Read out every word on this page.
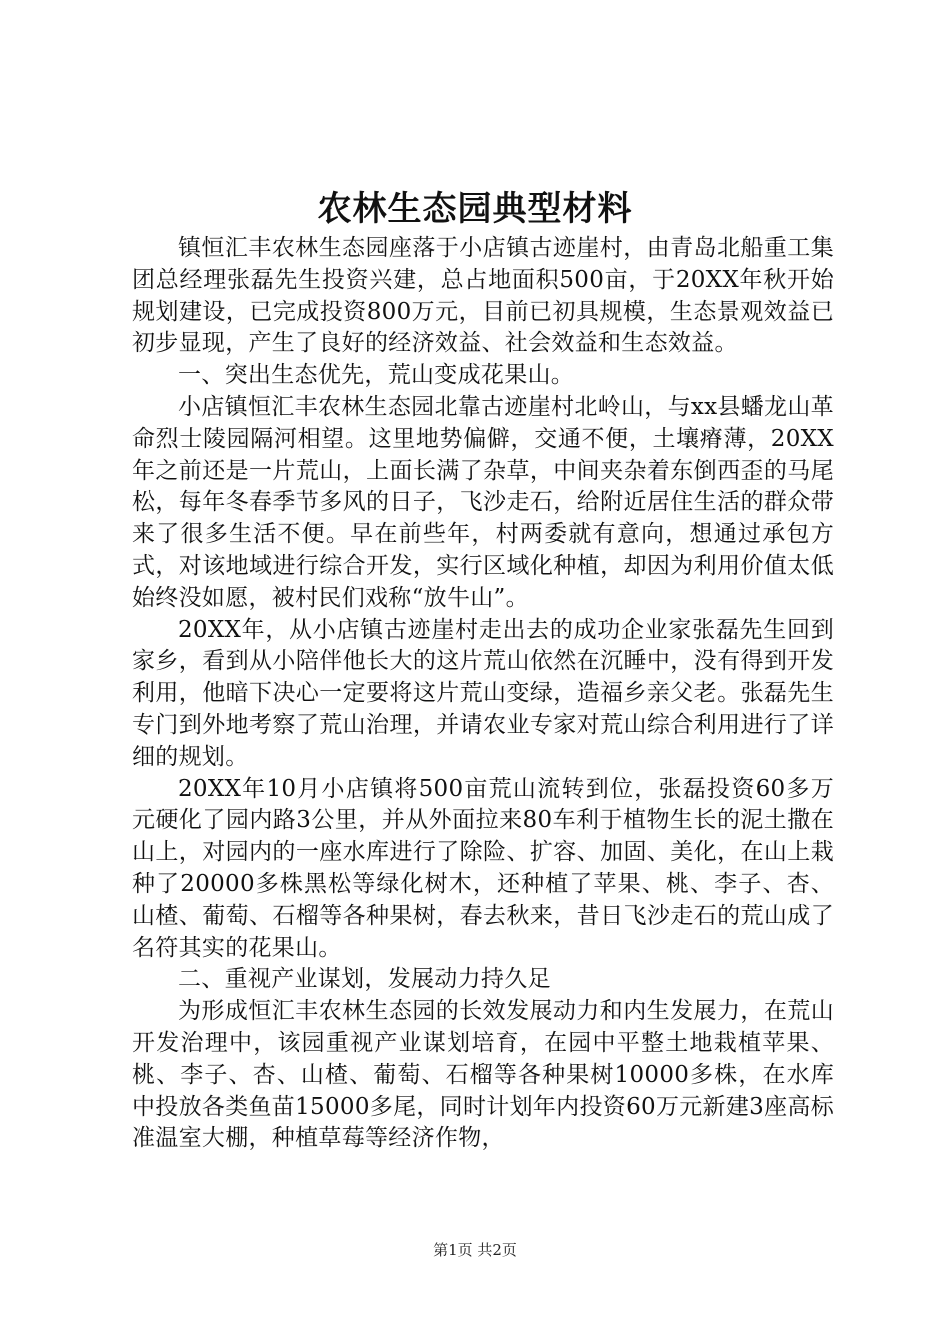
农林生态园典型材料

镇恒汇丰农林生态园座落于小店镇古迹崖村，由青岛北船重工集团总经理张磊先生投资兴建，总占地面积500亩，于20XX年秋开始规划建设，已完成投资800万元，目前已初具规模，生态景观效益已初步显现，产生了良好的经济效益、社会效益和生态效益。

一、突出生态优先，荒山变成花果山。

小店镇恒汇丰农林生态园北靠古迹崖村北岭山，与xx县蟠龙山革命烈士陵园隔河相望。这里地势偏僻，交通不便，土壤瘠薄，20XX年之前还是一片荒山，上面长满了杂草，中间夹杂着东倒西歪的马尾松，每年冬春季节多风的日子，飞沙走石，给附近居住生活的群众带来了很多生活不便。早在前些年，村两委就有意向，想通过承包方式，对该地域进行综合开发，实行区域化种植，却因为利用价值太低始终没如愿，被村民们戏称“放牛山”。

20XX年，从小店镇古迹崖村走出去的成功企业家张磊先生回到家乡，看到从小陪伴他长大的这片荒山依然在沉睡中，没有得到开发利用，他暗下决心一定要将这片荒山变绿，造福乡亲父老。张磊先生专门到外地考察了荒山治理，并请农业专家对荒山综合利用进行了详细的规划。

20XX年10月小店镇将500亩荒山流转到位，张磊投资60多万元硬化了园内路3公里，并从外面拉来80车利于植物生长的泥土撒在山上，对园内的一座水库进行了除险、扩容、加固、美化，在山上栽种了20000多株黑松等绿化树木，还种植了苹果、桃、李子、杏、山楂、葡萄、石榴等各种果树，春去秋来，昔日飞沙走石的荒山成了名符其实的花果山。

二、重视产业谋划，发展动力持久足

为形成恒汇丰农林生态园的长效发展动力和内生发展力，在荒山开发治理中，该园重视产业谋划培育，在园中平整土地栽植苹果、桃、李子、杏、山楂、葡萄、石榴等各种果树10000多株，在水库中投放各类鱼苗15000多尾，同时计划年内投资60万元新建3座高标准温室大棚，种植草莓等经济作物，

第1页 共2页
